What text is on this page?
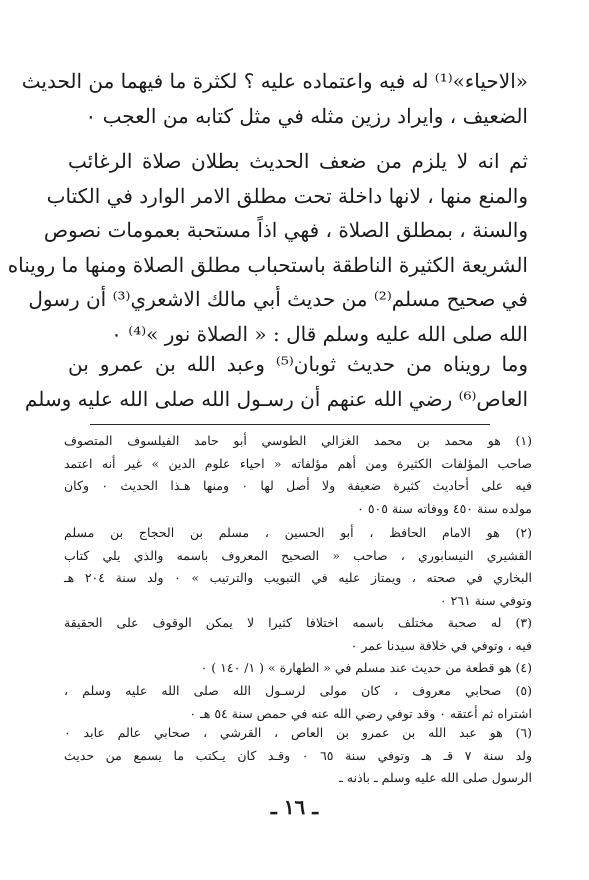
«الاحياء»⁽¹⁾ له فيه واعتماده عليه ؟ لكثرة ما فيهما من الحديث
الضعيف ، وايراد رزين مثله في مثل كتابه من العجب ٠
ثم انه لا يلزم من ضعف الحديث بطلان صلاة الرغائب
والمنع منها ، لانها داخلة تحت مطلق الامر الوارد في الكتاب
والسنة ، بمطلق الصلاة ، فهي اذاً مستحبة بعمومات نصوص
الشريعة الكثيرة الناطقة باستحباب مطلق الصلاة ومنها ما رويناه
في صحيح مسلم⁽²⁾ من حديث أبي مالك الاشعري⁽³⁾ أن رسول
الله صلى الله عليه وسلم قال : « الصلاة نور »⁽⁴⁾ ٠
وما رويناه من حديث ثوبان⁽⁵⁾ وعبد الله بن عمرو بن
العاص⁽⁶⁾ رضي الله عنهم أن رسـول الله صلى الله عليه وسلم
(١) هو محمد بن محمد الغزالي الطوسي أبو حامد الفيلسوف المتصوف
صاحب المؤلفات الكثيرة ومن أهم مؤلفاته « احياء علوم الدين » غير أنه اعتمد
فيه على أحاديث كثيرة ضعيفة ولا أصل لها ٠ ومنها هـذا الحديث ٠ وكان
مولده سنة ٤٥٠ ووفاته سنة ٥٠٥ ٠
(٢) هو الامام الحافظ ، أبو الحسين ، مسلم بن الحجاج بن مسلم
القشيري النيسابوري ، صاحب « الصحيح المعروف باسمه والذي يلي كتاب
البخاري في صحته ، ويمتاز عليه في التبويب والترتيب » ٠ ولد سنة ٢٠٤ هـ
وتوفي سنة ٢٦١ ٠
(٣) له صحبة مختلف باسمه اختلافا كثيرا لا يمكن الوقوف على الحقيقة
فيه ، وتوفي في خلافة سيدنا عمر ٠
(٤) هو قطعة من حديث عند مسلم في « الطهارة » ( ١/ ١٤٠ ) ٠
(٥) صحابي معروف ، كان مولى لرسـول الله صلى الله عليه وسلم ،
اشتراه ثم أعتقه ٠ وقد توفي رضي الله عنه في حمص سنة ٥٤ هـ ٠
(٦) هو عبد الله بن عمرو بن العاص ، القرشي ، صحابي عالم عابد ٠
ولد سنة ٧ قـ هـ وتوفي سنة ٦٥ ٠ وقـد كان يـكتب ما يسمع من حديث
الرسول صلى الله عليه وسلم ـ باذنه ـ
ـ ١٦ ـ
